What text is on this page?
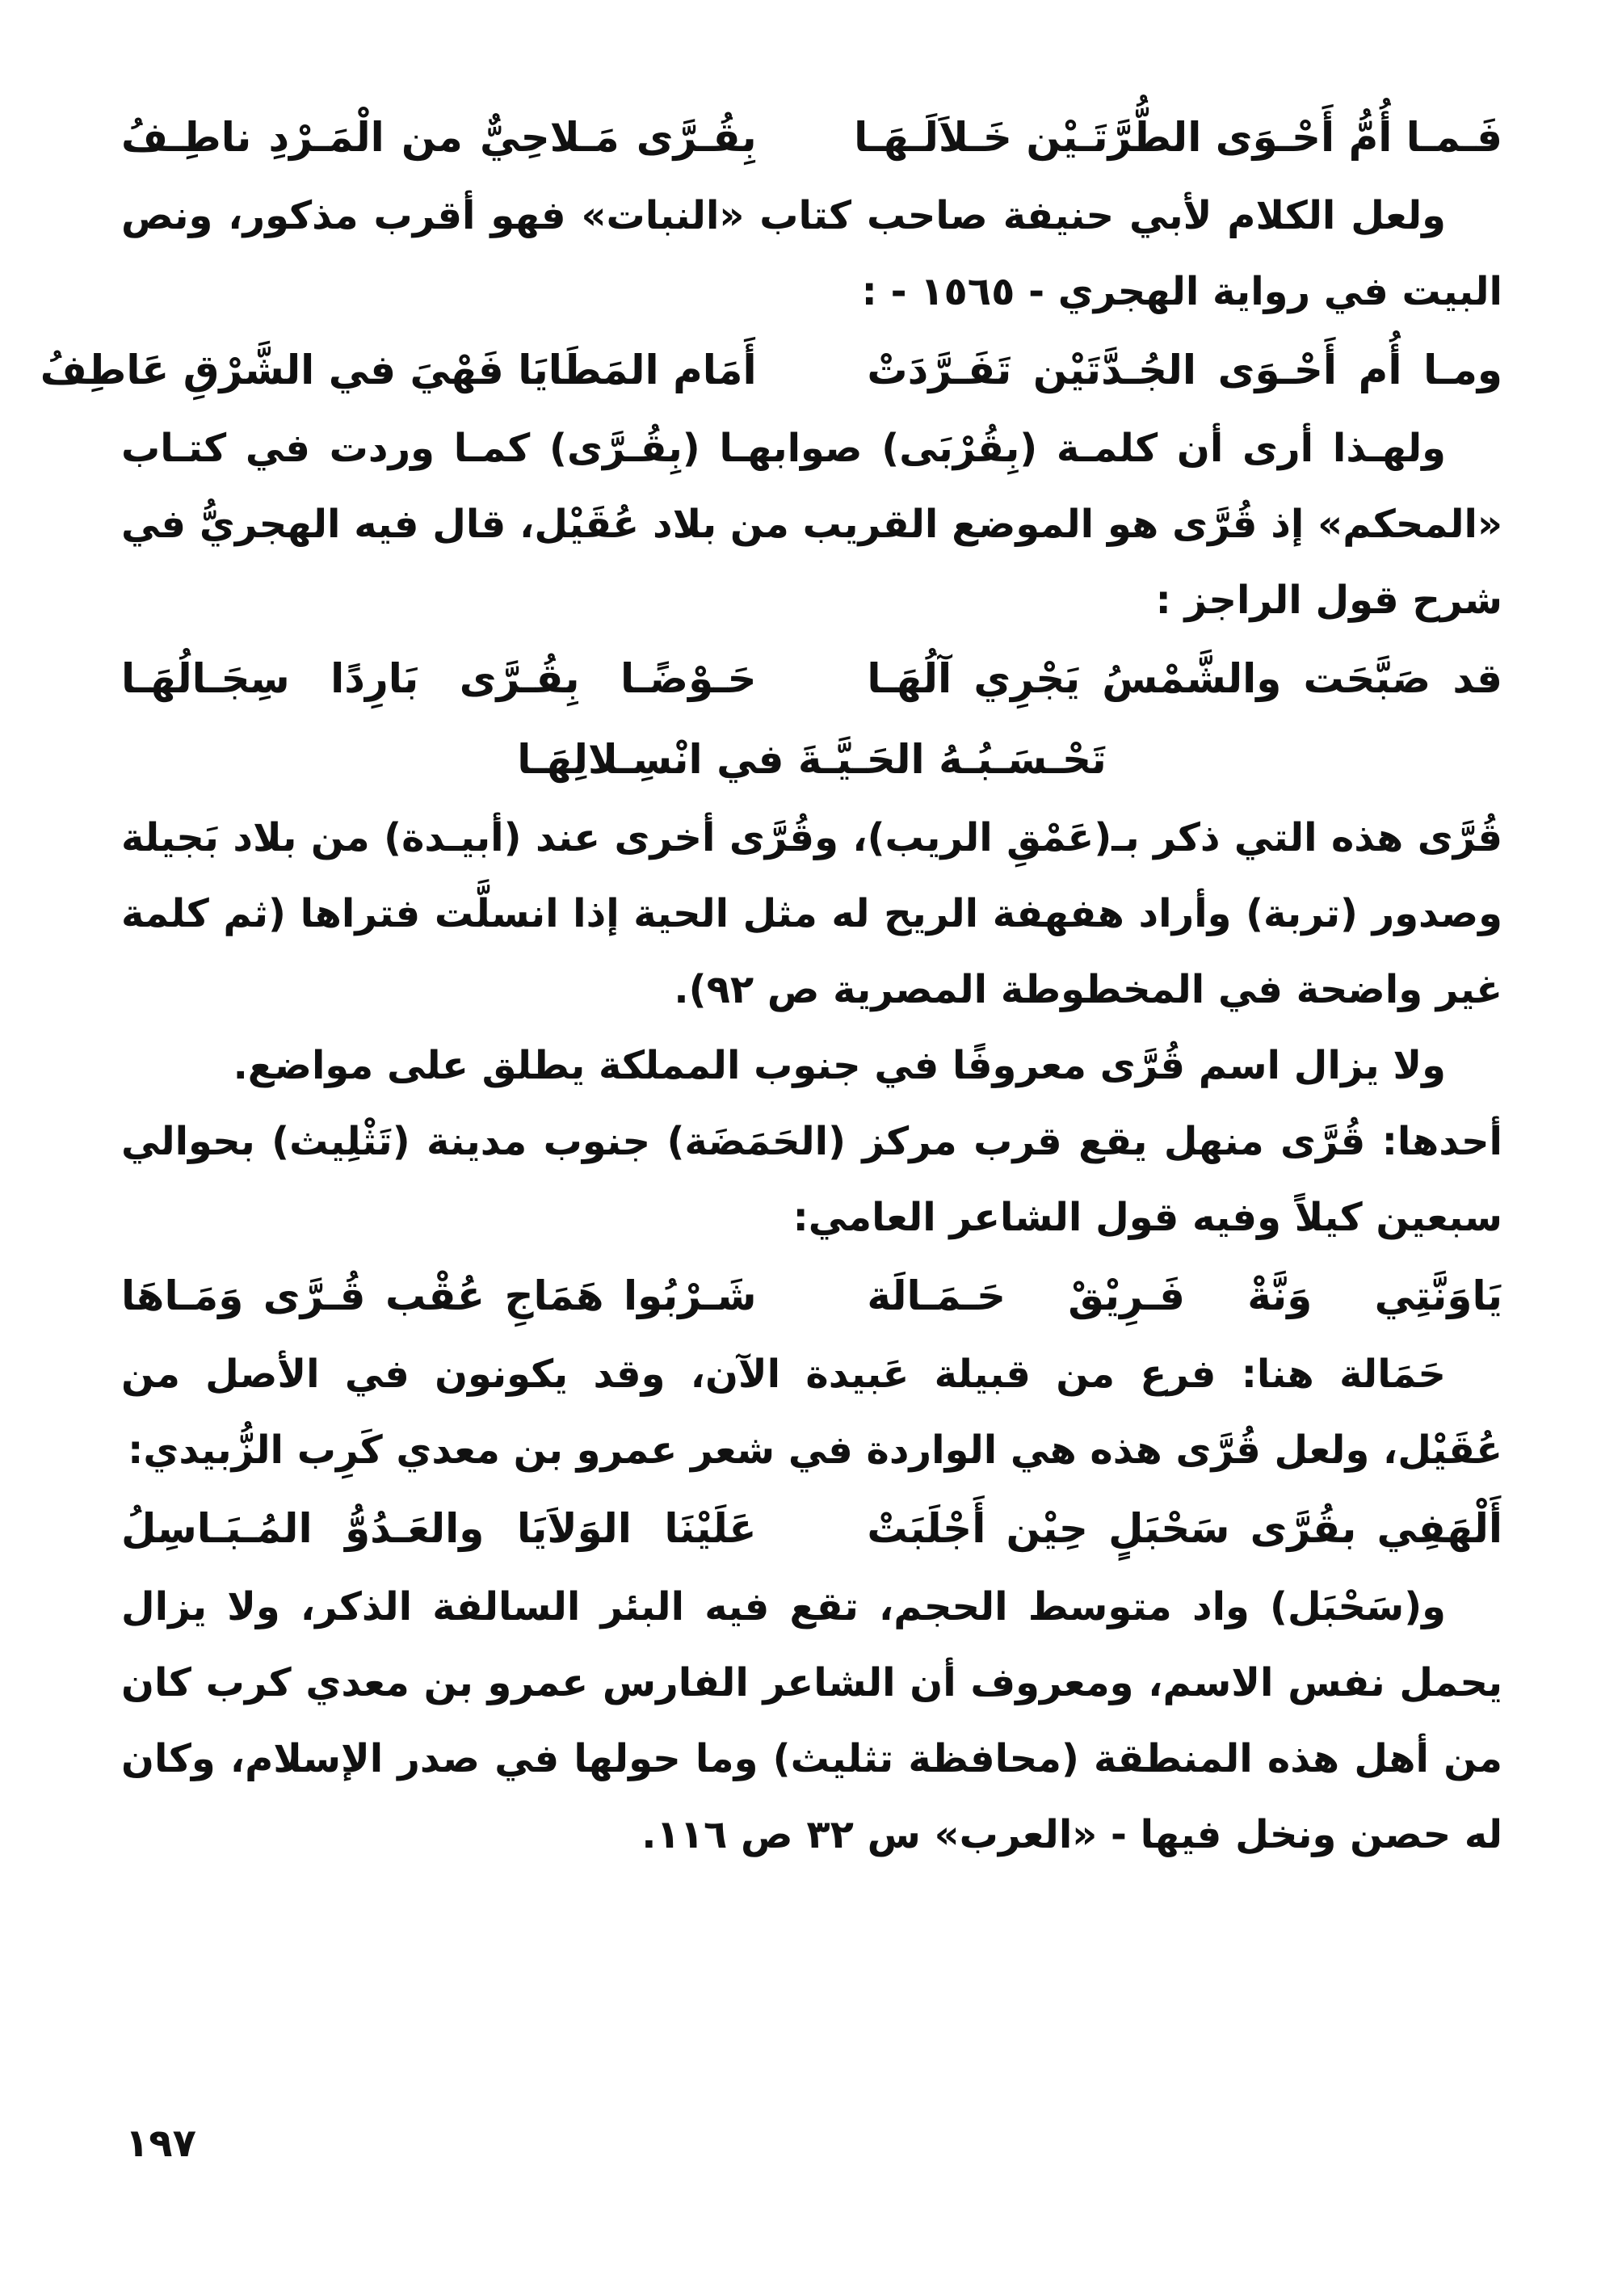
فَـمـا أُمُّ أَحْـوَى الطُّرَّتَـيْن خَـلاَلَـهَـا
بِقُـرَّى مَـلاحِيٌّ من الْمَـرْدِ ناطِـفُ

ولعل الكلام لأبي حنيفة صاحب كتاب «النبات» فهو أقرب مذكور، ونص البيت في رواية الهجري - ١٥٦٥ - :

ومـا أُم أَحْـوَى الجُـدَّتَيْن تَفَـرَّدَتْ
أَمَام المَطَايَا فَهْيَ في الشَّرْقِ عَاطِفُ

ولهـذا أرى أن كلمـة (بِقُرْبَى) صوابهـا (بِقُـرَّى) كمـا وردت في كتـاب «المحكم» إذ قُرَّى هو الموضع القريب من بلاد عُقَيْل، قال فيه الهجريُّ في شرح قول الراجز :

قد صَبَّحَت والشَّمْسُ يَجْرِي آلُهَـا
حَـوْضًـا بِقُـرَّى بَارِدًا سِجَـالُهَـا
تَحْـسَـبُـهُ الحَـيَّـةَ في انْسِـلالِهَـا

قُرَّى هذه التي ذكر بـ(عَمْقِ الريب)، وقُرَّى أخرى عند (أبيـدة) من بلاد بَجيلة وصدور (تربة) وأراد هفهفة الريح له مثل الحية إذا انسلَّت فتراها (ثم كلمة غير واضحة في المخطوطة المصرية ص ٩٢).

ولا يزال اسم قُرَّى معروفًا في جنوب المملكة يطلق على مواضع.

أحدها: قُرَّى منهل يقع قرب مركز (الحَمَضَة) جنوب مدينة (تَثْلِيث) بحوالي سبعين كيلاً وفيه قول الشاعر العامي:

يَاوَنَّتِي وَنَّةْ فَـرِيْقْ حَـمَـالَة
شَـرْبُوا هَمَاجِ عُقْب قُـرَّى وَمَـاهَا

حَمَالة هنا: فرع من قبيلة عَبيدة الآن، وقد يكونون في الأصل من عُقَيْل، ولعل قُرَّى هذه هي الواردة في شعر عمرو بن معدي كَرِب الزُّبيدي:

أَلْهَفِي بقُرَّى سَحْبَلٍ حِيْن أَجْلَبَتْ
عَلَيْنَا الوَلاَيَا والعَـدُوُّ المُـبَـاسِلُ

و(سَحْبَل) واد متوسط الحجم، تقع فيه البئر السالفة الذكر، ولا يزال يحمل نفس الاسم، ومعروف أن الشاعر الفارس عمرو بن معدي كرب كان من أهل هذه المنطقة (محافظة تثليث) وما حولها في صدر الإسلام، وكان له حصن ونخل فيها - «العرب» س ٣٢ ص ١١٦.

١٩٧
